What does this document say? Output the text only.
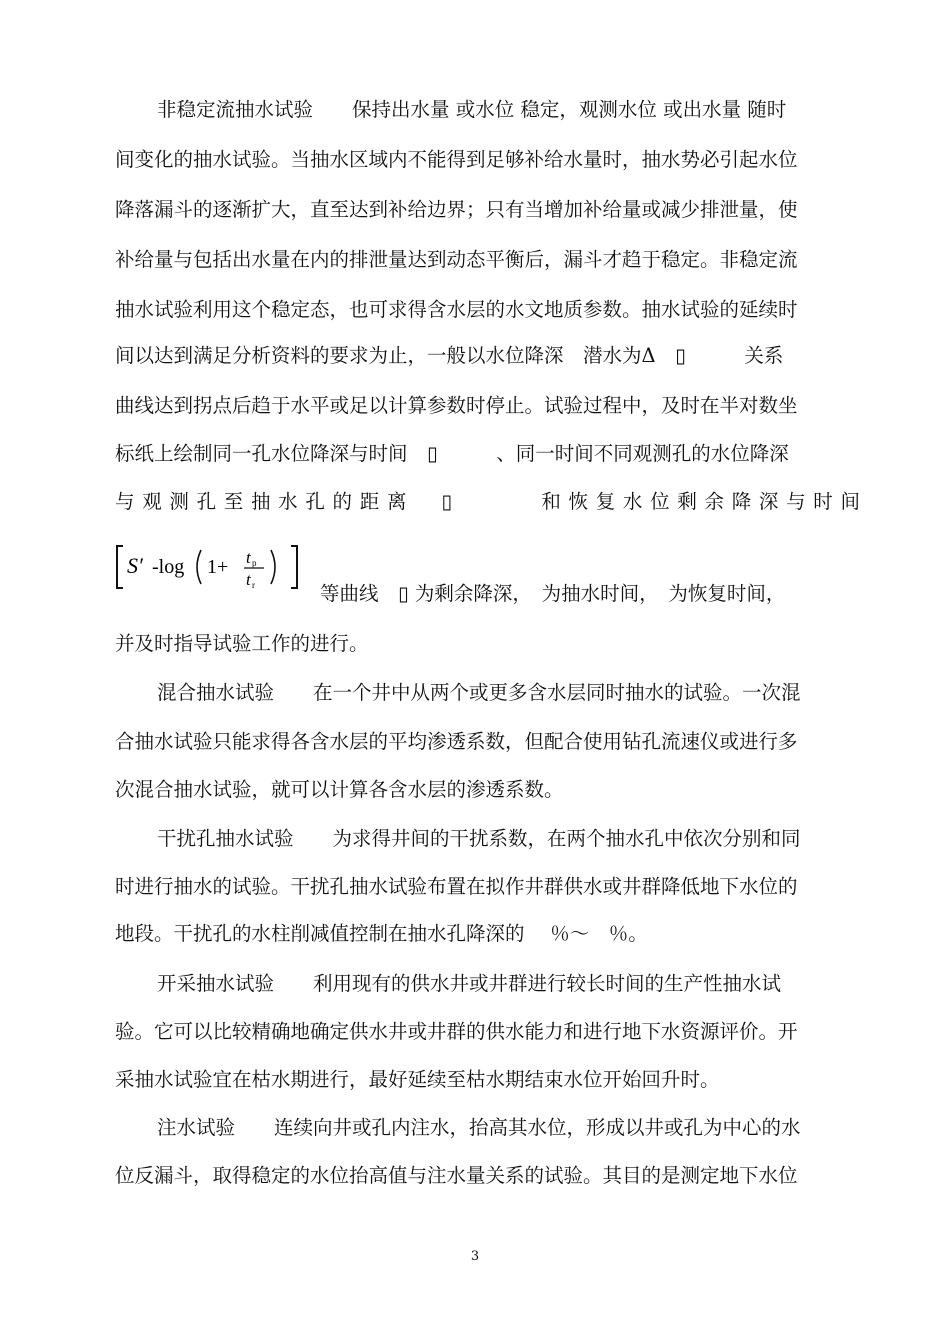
非稳定流抽水试验　　保持出水量 或水位 稳定，观测水位 或出水量 随时
间变化的抽水试验。当抽水区域内不能得到足够补给水量时，抽水势必引起水位
降落漏斗的逐渐扩大，直至达到补给边界；只有当增加补给量或减少排泄量，使
补给量与包括出水量在内的排泄量达到动态平衡后，漏斗才趋于稳定。非稳定流
抽水试验利用这个稳定态，也可求得含水层的水文地质参数。抽水试验的延续时
间以达到满足分析资料的要求为止，一般以水位降深　潜水为Δ　▯　　　关系
曲线达到拐点后趋于水平或足以计算参数时停止。试验过程中，及时在半对数坐
标纸上绘制同一孔水位降深与时间　▯　　　、同一时间不同观测孔的水位降深
与观测孔至抽水孔的距离　▯　　　和恢复水位剩余降深与时间
S′ -log 1+ t p
t r	等曲线　▯ 为剩余降深，　为抽水时间，　为恢复时间，
并及时指导试验工作的进行。
混合抽水试验　　在一个井中从两个或更多含水层同时抽水的试验。一次混
合抽水试验只能求得各含水层的平均渗透系数，但配合使用钻孔流速仪或进行多
次混合抽水试验，就可以计算各含水层的渗透系数。
干扰孔抽水试验　　为求得井间的干扰系数，在两个抽水孔中依次分别和同
时进行抽水的试验。干扰孔抽水试验布置在拟作井群供水或井群降低地下水位的
地段。干扰孔的水柱削减值控制在抽水孔降深的　 ％～　％。
开采抽水试验　　利用现有的供水井或井群进行较长时间的生产性抽水试
验。它可以比较精确地确定供水井或井群的供水能力和进行地下水资源评价。开
采抽水试验宜在枯水期进行，最好延续至枯水期结束水位开始回升时。
注水试验　　连续向井或孔内注水，抬高其水位，形成以井或孔为中心的水
位反漏斗，取得稳定的水位抬高值与注水量关系的试验。其目的是测定地下水位
3
